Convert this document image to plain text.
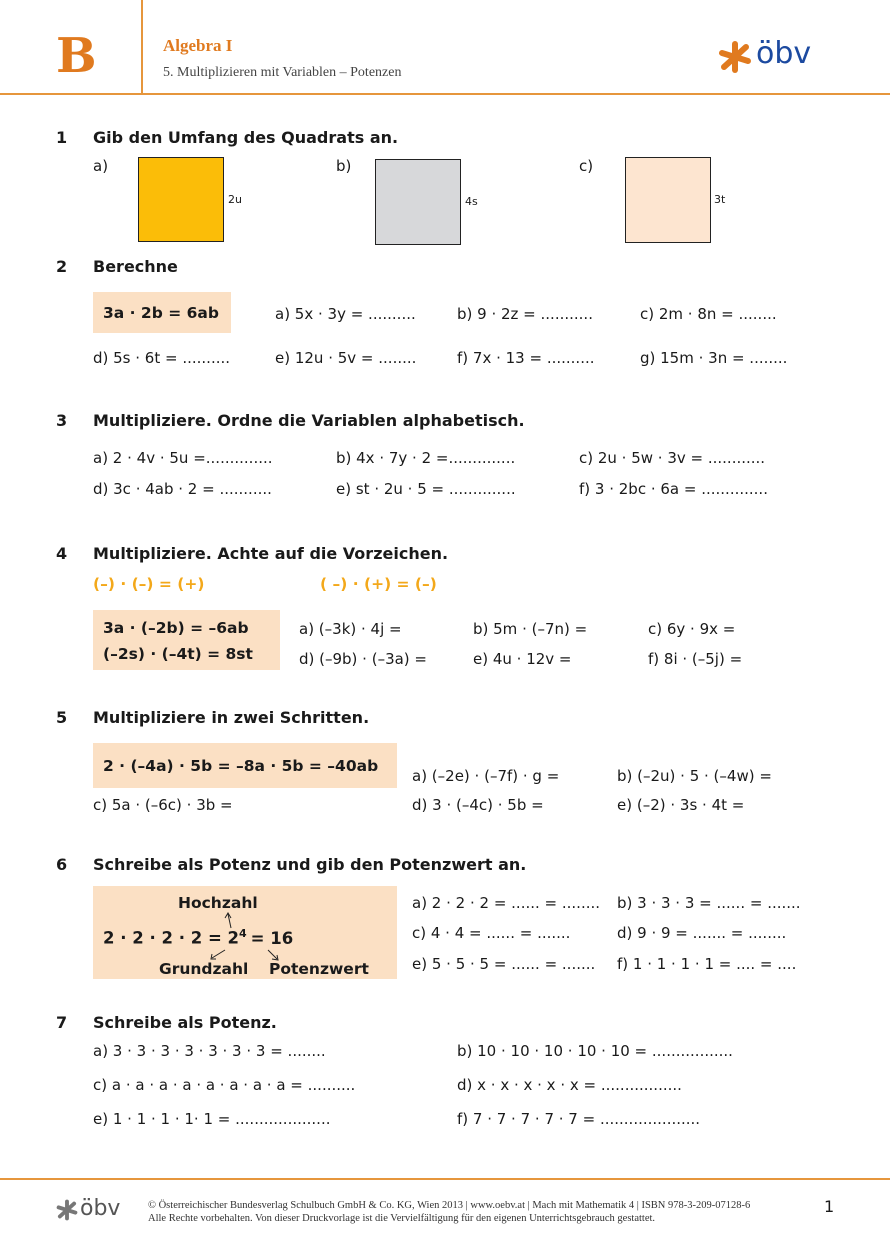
B	Algebra I
5. Multiplizieren mit Variablen – Potenzen
öbv
1 Gib den Umfang des Quadrats an.
a)
2u
b)
4s
c)
3t
2 Berechne
3a · 2b = 6ab	a) 5x · 3y = ..........	b) 9 · 2z = ...........	c) 2m · 8n = ........
d) 5s · 6t = ..........	e) 12u · 5v = ........	f) 7x · 13 = ..........	g) 15m · 3n = ........
3 Multipliziere. Ordne die Variablen alphabetisch.
a) 2 · 4v · 5u =..............	b) 4x · 7y · 2 =..............	c) 2u · 5w · 3v = ............
d) 3c · 4ab · 2 = ...........	e) st · 2u · 5 = ..............	f) 3 · 2bc · 6a = ..............
4 Multipliziere. Achte auf die Vorzeichen.
(–) · (–) = (+)	( –) · (+) = (–)
3a · (–2b) = –6ab
(–2s) · (–4t) = 8st
a) (–3k) · 4j =	b) 5m · (–7n) =	c) 6y · 9x =
d) (–9b) · (–3a) =	e) 4u · 12v =	f) 8i · (–5j) =
5 Multipliziere in zwei Schritten.
2 · (–4a) · 5b = –8a · 5b = –40ab
a) (–2e) · (–7f) · g =	b) (–2u) · 5 · (–4w) =
c) 5a · (–6c) · 3b =	d) 3 · (–4c) · 5b =	e) (–2) · 3s · 4t =
6 Schreibe als Potenz und gib den Potenzwert an.
Hochzahl
$2 \cdot 2 \cdot 2 \cdot 2 = 2^4 = 16$
Grundzahl Potenzwert
a) 2 · 2 · 2 = ...... = ........ b) 3 · 3 · 3 = ...... = .......
c) 4 · 4 = ...... = .......	d) 9 · 9 = ....... = ........
e) 5 · 5 · 5 = ...... = ....... f) 1 · 1 · 1 · 1 = .... = ....
7 Schreibe als Potenz.
a) 3 · 3 · 3 · 3 · 3 · 3 · 3 = ........	b) 10 · 10 · 10 · 10 · 10 = .................
c) a · a · a · a · a · a · a · a = ..........	d) x · x · x · x · x = .................
e) 1 · 1 · 1 · 1· 1 = ....................	f) 7 · 7 · 7 · 7 · 7 = .....................
öbv	© Österreichischer Bundesverlag Schulbuch GmbH & Co. KG, Wien 2013 | www.oebv.at | Mach mit Mathematik 4 | ISBN 978-3-209-07128-6
Alle Rechte vorbehalten. Von dieser Druckvorlage ist die Vervielfältigung für den eigenen Unterrichtsgebrauch gestattet.
1
